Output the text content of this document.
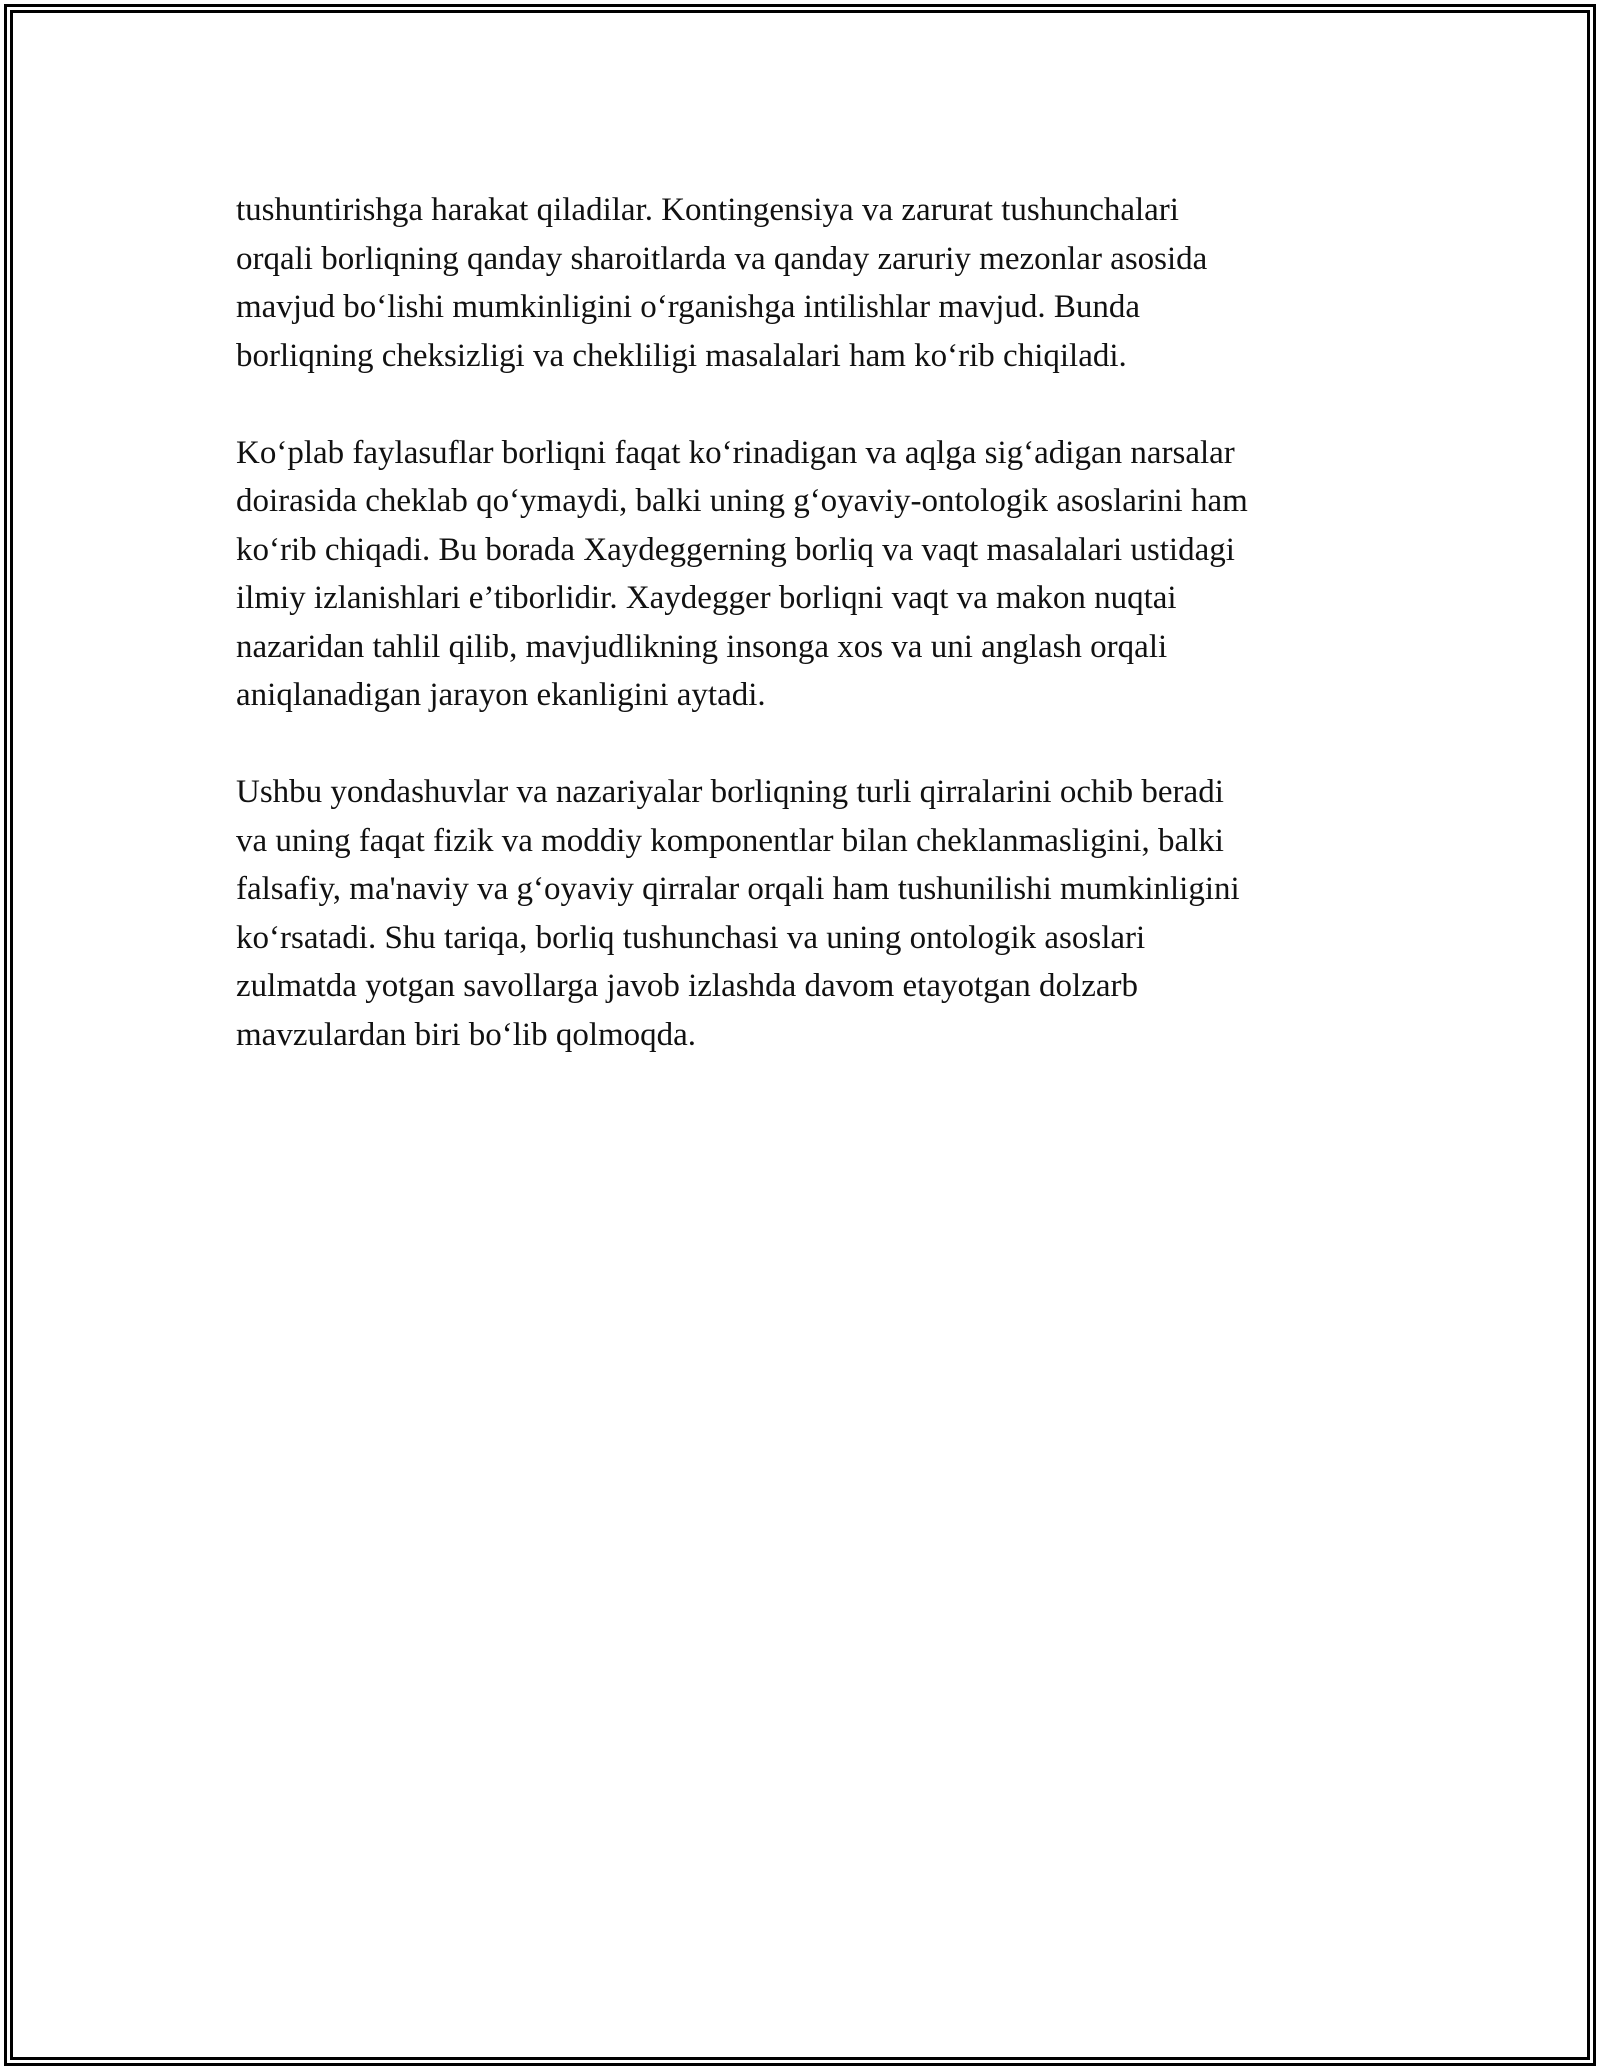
tushuntirishga harakat qiladilar. Kontingensiya va zarurat tushunchalari
orqali borliqning qanday sharoitlarda va qanday zaruriy mezonlar asosida
mavjud bo‘lishi mumkinligini o‘rganishga intilishlar mavjud. Bunda
borliqning cheksizligi va chekliligi masalalari ham ko‘rib chiqiladi.

Ko‘plab faylasuflar borliqni faqat ko‘rinadigan va aqlga sig‘adigan narsalar
doirasida cheklab qo‘ymaydi, balki uning g‘oyaviy-ontologik asoslarini ham
ko‘rib chiqadi. Bu borada Xaydeggerning borliq va vaqt masalalari ustidagi
ilmiy izlanishlari e’tiborlidir. Xaydegger borliqni vaqt va makon nuqtai
nazaridan tahlil qilib, mavjudlikning insonga xos va uni anglash orqali
aniqlanadigan jarayon ekanligini aytadi.

Ushbu yondashuvlar va nazariyalar borliqning turli qirralarini ochib beradi
va uning faqat fizik va moddiy komponentlar bilan cheklanmasligini, balki
falsafiy, ma'naviy va g‘oyaviy qirralar orqali ham tushunilishi mumkinligini
ko‘rsatadi. Shu tariqa, borliq tushunchasi va uning ontologik asoslari
zulmatda yotgan savollarga javob izlashda davom etayotgan dolzarb
mavzulardan biri bo‘lib qolmoqda.
